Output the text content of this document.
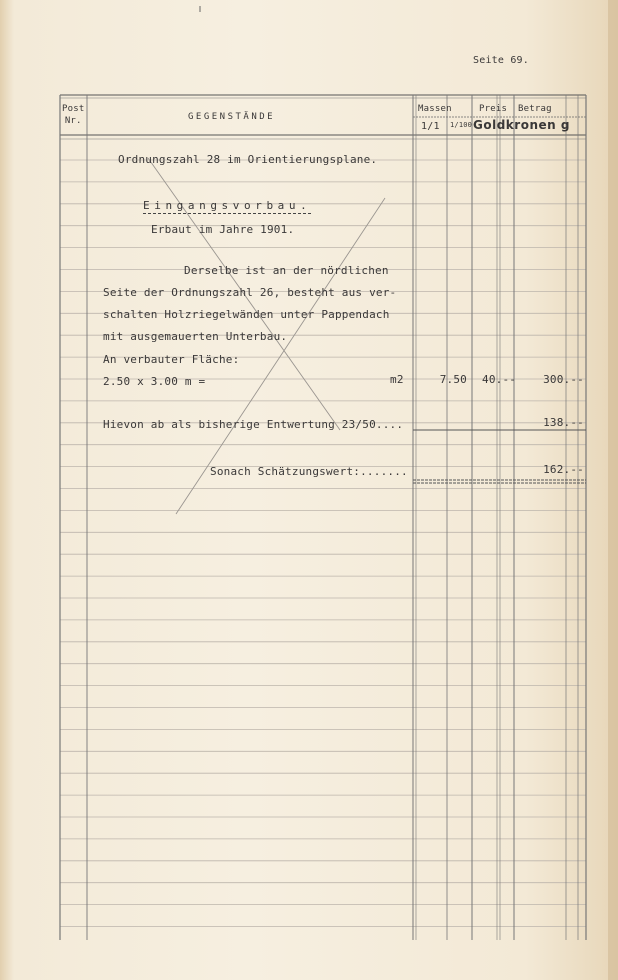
Seite 69.
Post
Nr.	GEGENSTÄNDE
Massen
1/1 1/100
Preis Betrag
Goldkronen g
Ordnungszahl 28 im Orientierungsplane.
Eingangsvorbau.
Erbaut im Jahre 1901.
Derselbe ist an der nördlichen
Seite der Ordnungszahl 26, besteht aus ver-
schalten Holzriegelwänden unter Pappendach
mit ausgemauerten Unterbau.
An verbauter Fläche:
2.50 x 3.00 m =	m2	7.50 40.--	300.--
Hievon ab als bisherige Entwertung 23/50....	138.--
Sonach Schätzungswert:.......	162.--
